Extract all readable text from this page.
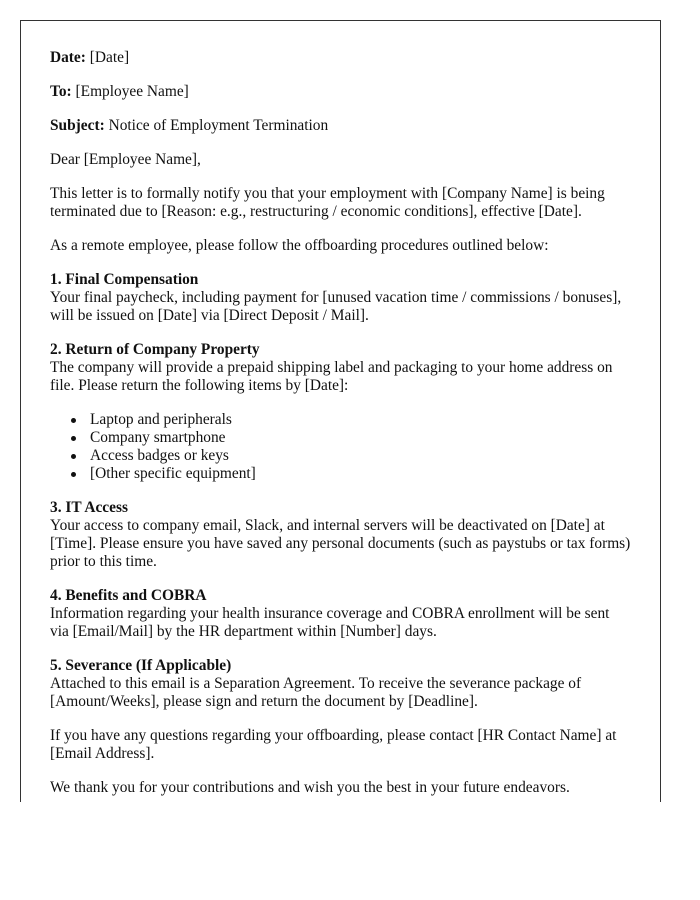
Date: [Date]

To: [Employee Name]

Subject: Notice of Employment Termination

Dear [Employee Name],

This letter is to formally notify you that your employment with [Company Name] is being terminated due to [Reason: e.g., restructuring / economic conditions], effective [Date].

As a remote employee, please follow the offboarding procedures outlined below:

1. Final Compensation
Your final paycheck, including payment for [unused vacation time / commissions / bonuses], will be issued on [Date] via [Direct Deposit / Mail].
2. Return of Company Property
The company will provide a prepaid shipping label and packaging to your home address on file. Please return the following items by [Date]:
Laptop and peripherals
Company smartphone
Access badges or keys
[Other specific equipment]
3. IT Access
Your access to company email, Slack, and internal servers will be deactivated on [Date] at [Time]. Please ensure you have saved any personal documents (such as paystubs or tax forms) prior to this time.
4. Benefits and COBRA
Information regarding your health insurance coverage and COBRA enrollment will be sent via [Email/Mail] by the HR department within [Number] days.
5. Severance (If Applicable)
Attached to this email is a Separation Agreement. To receive the severance package of [Amount/Weeks], please sign and return the document by [Deadline].

If you have any questions regarding your offboarding, please contact [HR Contact Name] at [Email Address].

We thank you for your contributions and wish you the best in your future endeavors.
